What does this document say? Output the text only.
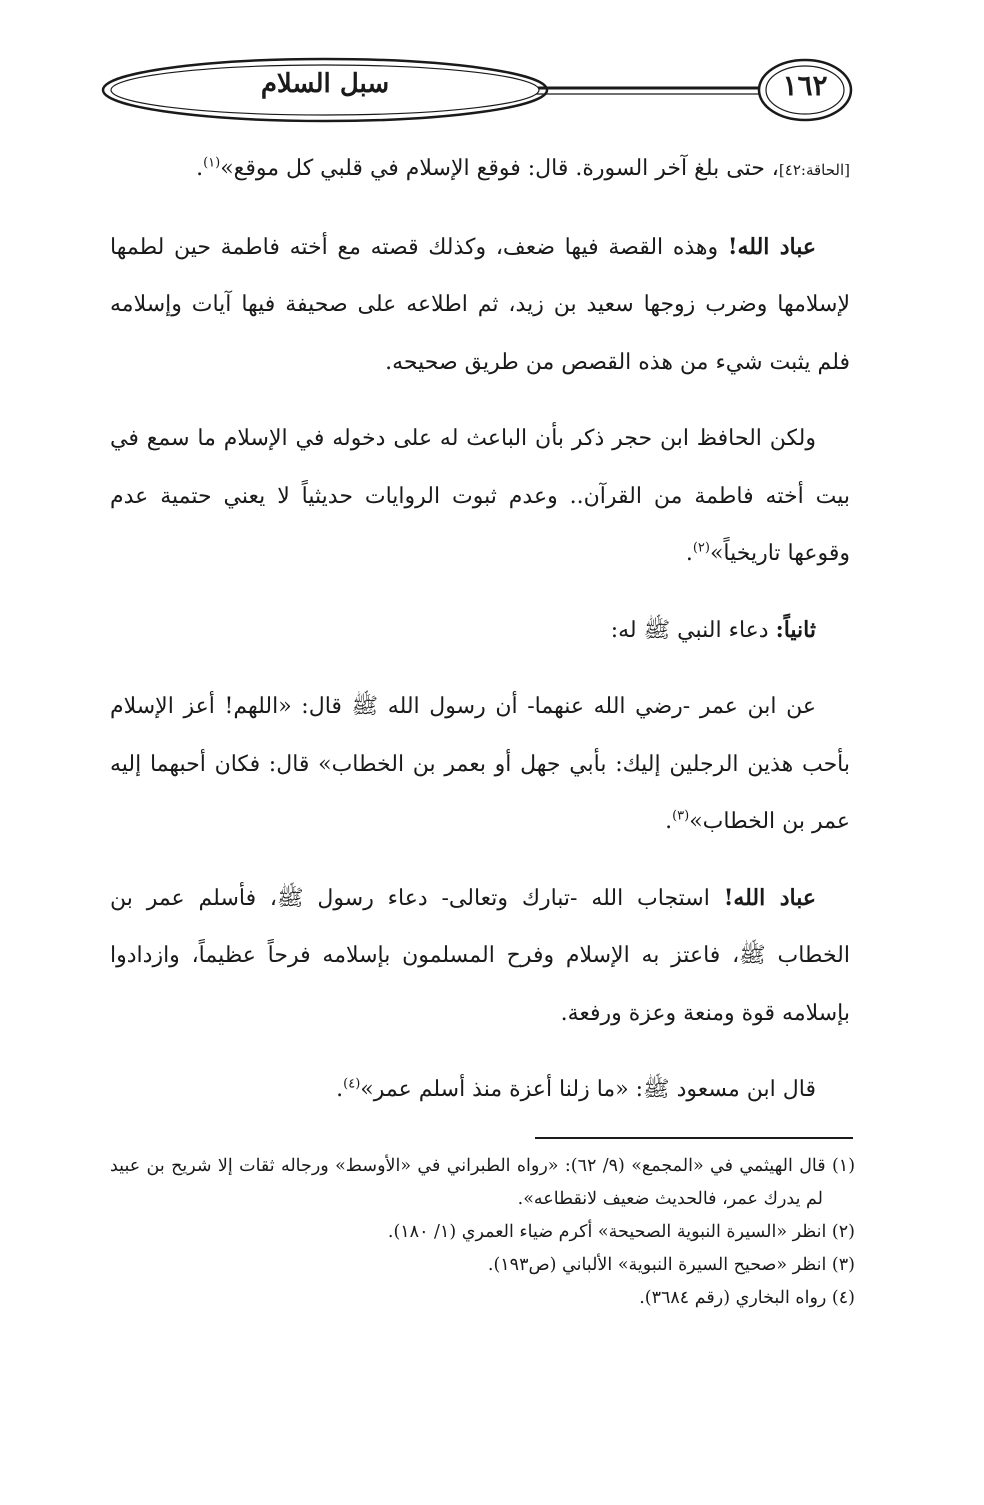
سبل السلام	١٦٢

[الحاقة:٤٢]، حتى بلغ آخر السورة. قال: فوقع الإسلام في قلبي كل موقع»$^{(١)}$.

عباد الله! وهذه القصة فيها ضعف، وكذلك قصته مع أخته فاطمة حين لطمها لإسلامها وضرب زوجها سعيد بن زيد، ثم اطلاعه على صحيفة فيها آيات وإسلامه فلم يثبت شيء من هذه القصص من طريق صحيحه.

ولكن الحافظ ابن حجر ذكر بأن الباعث له على دخوله في الإسلام ما سمع في بيت أخته فاطمة من القرآن.. وعدم ثبوت الروايات حديثياً لا يعني حتمية عدم وقوعها تاريخياً»$^{(٢)}$.

ثانياً: دعاء النبي ﷺ له:

عن ابن عمر -رضي الله عنهما- أن رسول الله ﷺ قال: «اللهم! أعز الإسلام بأحب هذين الرجلين إليك: بأبي جهل أو بعمر بن الخطاب» قال: فكان أحبهما إليه عمر بن الخطاب»$^{(٣)}$.

عباد الله! استجاب الله -تبارك وتعالى- دعاء رسول ﷺ، فأسلم عمر بن الخطاب ﷺ، فاعتز به الإسلام وفرح المسلمون بإسلامه فرحاً عظيماً، وازدادوا بإسلامه قوة ومنعة وعزة ورفعة.

قال ابن مسعود ﷺ: «ما زلنا أعزة منذ أسلم عمر»$^{(٤)}$.

(١) قال الهيثمي في «المجمع» (٩/ ٦٢): «رواه الطبراني في «الأوسط» ورجاله ثقات إلا شريح بن عبيد لم يدرك عمر، فالحديث ضعيف لانقطاعه».

(٢) انظر «السيرة النبوية الصحيحة» أكرم ضياء العمري (١/ ١٨٠).

(٣) انظر «صحيح السيرة النبوية» الألباني (ص١٩٣).

(٤) رواه البخاري (رقم ٣٦٨٤).
